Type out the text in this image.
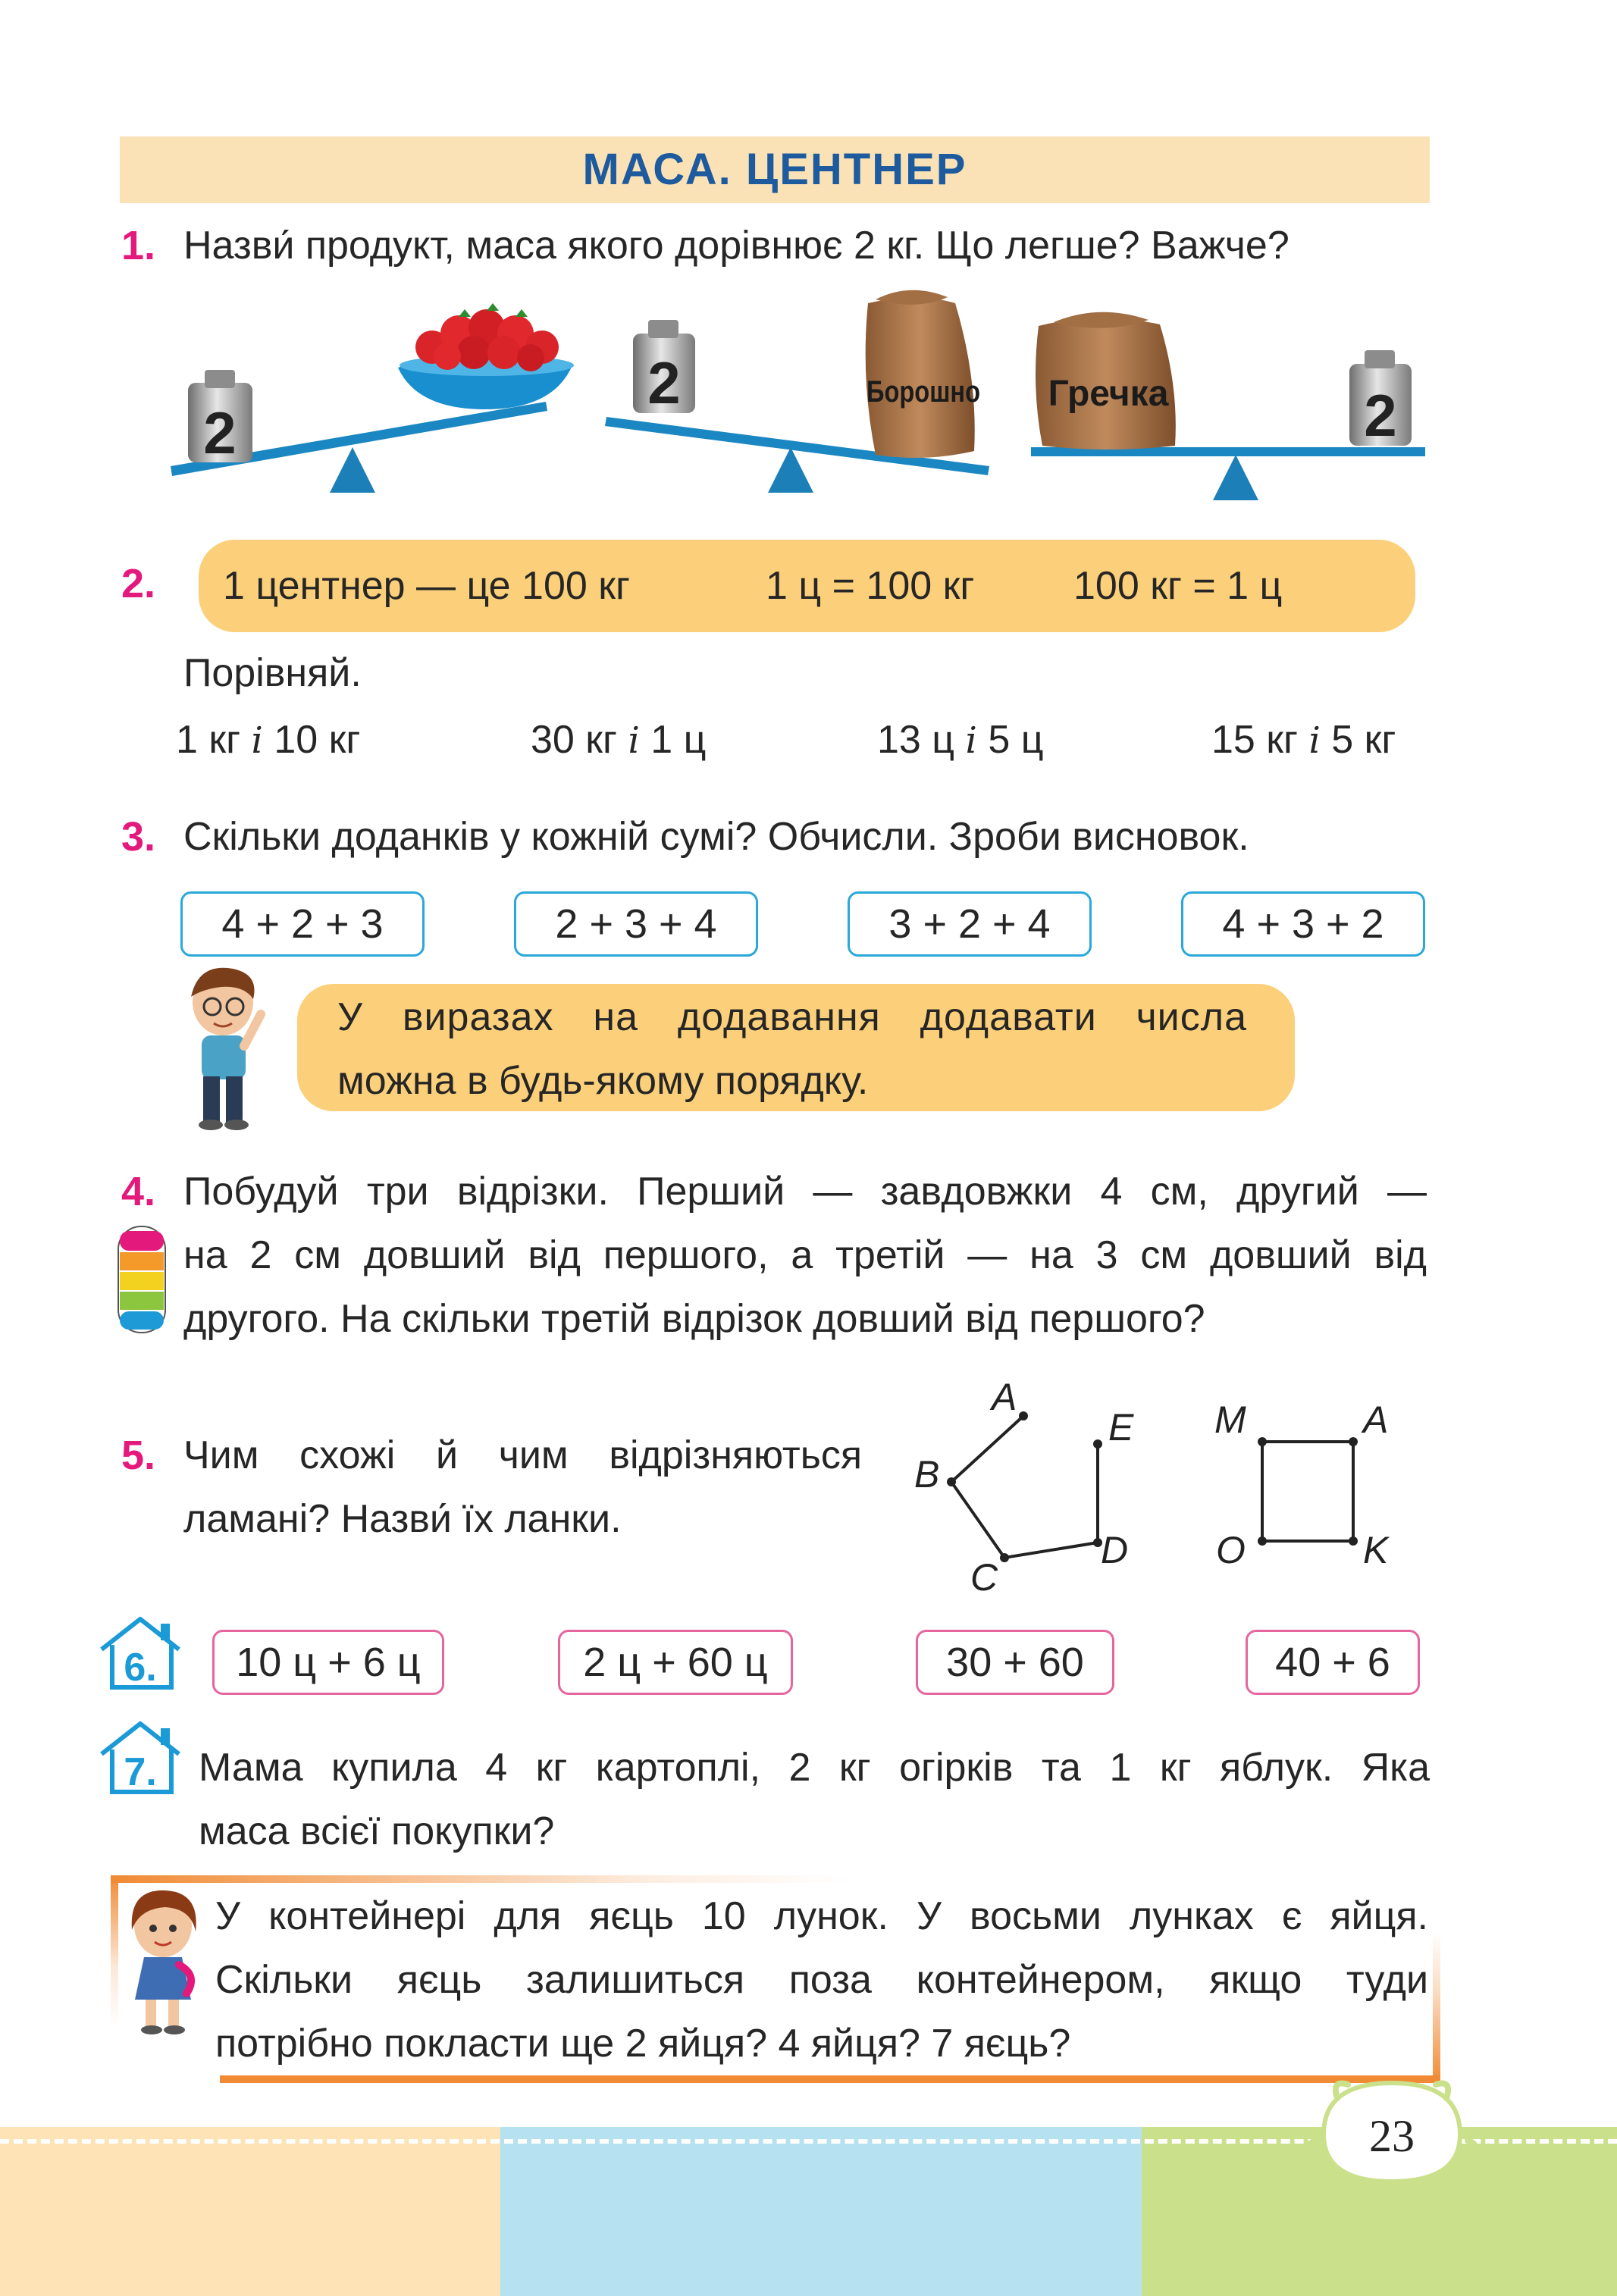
МАСА. ЦЕНТНЕР
1. Назви́ продукт, маса якого дорівнює 2 кг. Що легше? Важче?
2
2	Борошно Гречка	2
2. 1 центнер — це 100 кг	1 ц = 100 кг	100 кг = 1 ц
Порівняй.
1 кг і 10 кг	30 кг і 1 ц	13 ц і 5 ц	15 кг і 5 кг
3. Скільки доданків у кожній сумі? Обчисли. Зроби висновок.
4 + 2 + 3	2 + 3 + 4	3 + 2 + 4	4 + 3 + 2
У виразах на додавання додавати числа
можна в будь-якому порядку.
4. Побудуй три відрізки. Перший — завдовжки 4 см, другий —
на 2 см довший від першого, а третій — на 3 см довший від
другого. На скільки третій відрізок довший від першого?
5. Чим схожі й чим відрізняються
ламані? Назви́ їх ланки.
A
B
C
D
E M	A
O	K
6.	10 ц + 6 ц	2 ц + 60 ц	30 + 60	40 + 6
7.	Мама купила 4 кг картоплі, 2 кг огірків та 1 кг яблук. Яка
маса всієї покупки?
У контейнері для яєць 10 лунок. У восьми лунках є яйця.
Скільки яєць залишиться поза контейнером, якщо туди
потрібно покласти ще 2 яйця? 4 яйця? 7 яєць?
23
